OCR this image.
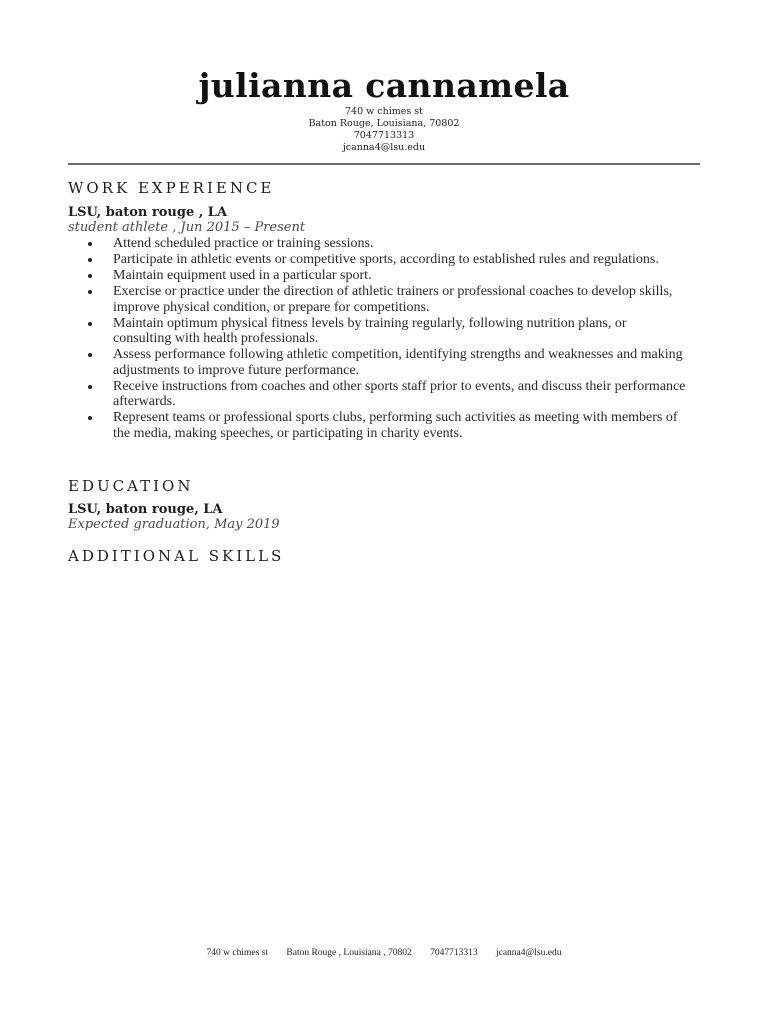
julianna cannamela
740 w chimes st
Baton Rouge, Louisiana, 70802
7047713313
jcanna4@lsu.edu
WORK EXPERIENCE
LSU, baton rouge , LA
student athlete , Jun 2015 – Present
Attend scheduled practice or training sessions.
Participate in athletic events or competitive sports, according to established rules and regulations.
Maintain equipment used in a particular sport.
Exercise or practice under the direction of athletic trainers or professional coaches to develop skills, improve physical condition, or prepare for competitions.
Maintain optimum physical fitness levels by training regularly, following nutrition plans, or consulting with health professionals.
Assess performance following athletic competition, identifying strengths and weaknesses and making adjustments to improve future performance.
Receive instructions from coaches and other sports staff prior to events, and discuss their performance afterwards.
Represent teams or professional sports clubs, performing such activities as meeting with members of the media, making speeches, or participating in charity events.
EDUCATION
LSU, baton rouge, LA
Expected graduation, May 2019
ADDITIONAL SKILLS
740 w chimes st Baton Rouge , Louisiana , 70802 7047713313 jcanna4@lsu.edu
